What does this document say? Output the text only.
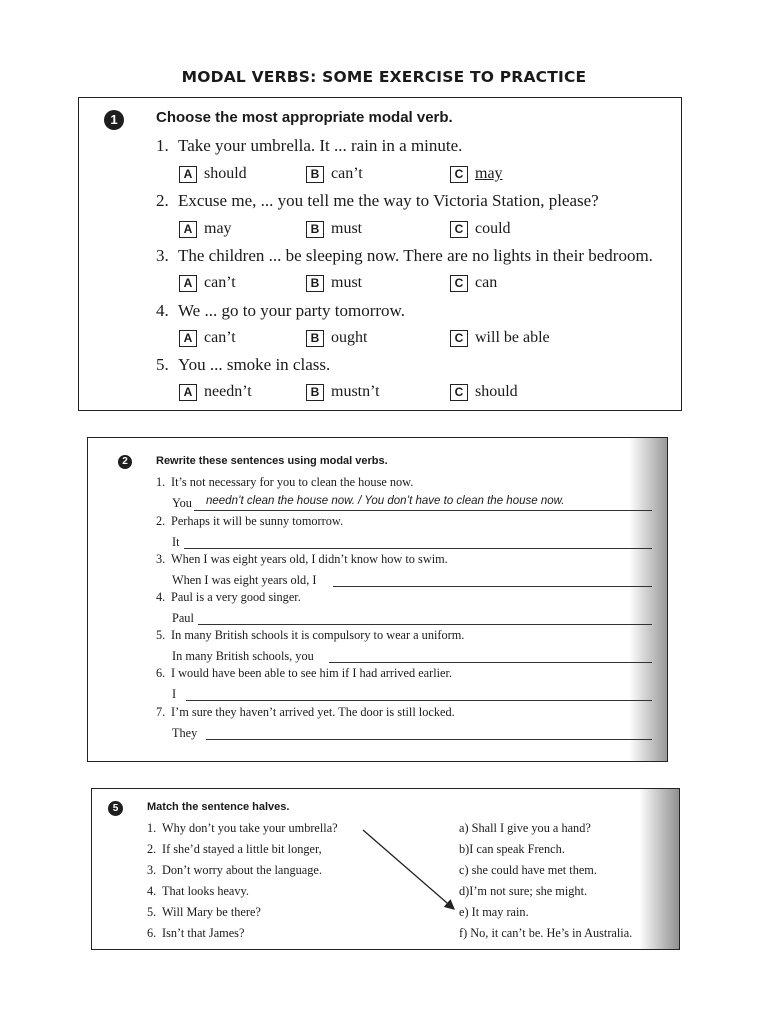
MODAL VERBS: SOME EXERCISE TO PRACTICE
1	Choose the most appropriate modal verb.
1. Take your umbrella. It ... rain in a minute.
A should	B can’t	C may
2. Excuse me, ... you tell me the way to Victoria Station, please?
A may	B must	C could
3. The children ... be sleeping now. There are no lights in their bedroom.
A can’t	B must	C can
4. We ... go to your party tomorrow.
A can’t	B ought	C will be able
5. You ... smoke in class.
A needn’t	B mustn’t	C should
2	Rewrite these sentences using modal verbs.
1. It’s not necessary for you to clean the house now.
You needn’t clean the house now. / You don’t have to clean the house now.
2. Perhaps it will be sunny tomorrow.
It
3. When I was eight years old, I didn’t know how to swim.
When I was eight years old, I
4. Paul is a very good singer.
Paul
5. In many British schools it is compulsory to wear a uniform.
In many British schools, you
6. I would have been able to see him if I had arrived earlier.
I
7. I’m sure they haven’t arrived yet. The door is still locked.
They
5	Match the sentence halves.
1. Why don’t you take your umbrella?
2. If she’d stayed a little bit longer,
3. Don’t worry about the language.
4. That looks heavy.
5. Will Mary be there?
6. Isn’t that James?
a) Shall I give you a hand?
b)I can speak French.
c) she could have met them.
d)I’m not sure; she might.
e) It may rain.
f) No, it can’t be. He’s in Australia.
